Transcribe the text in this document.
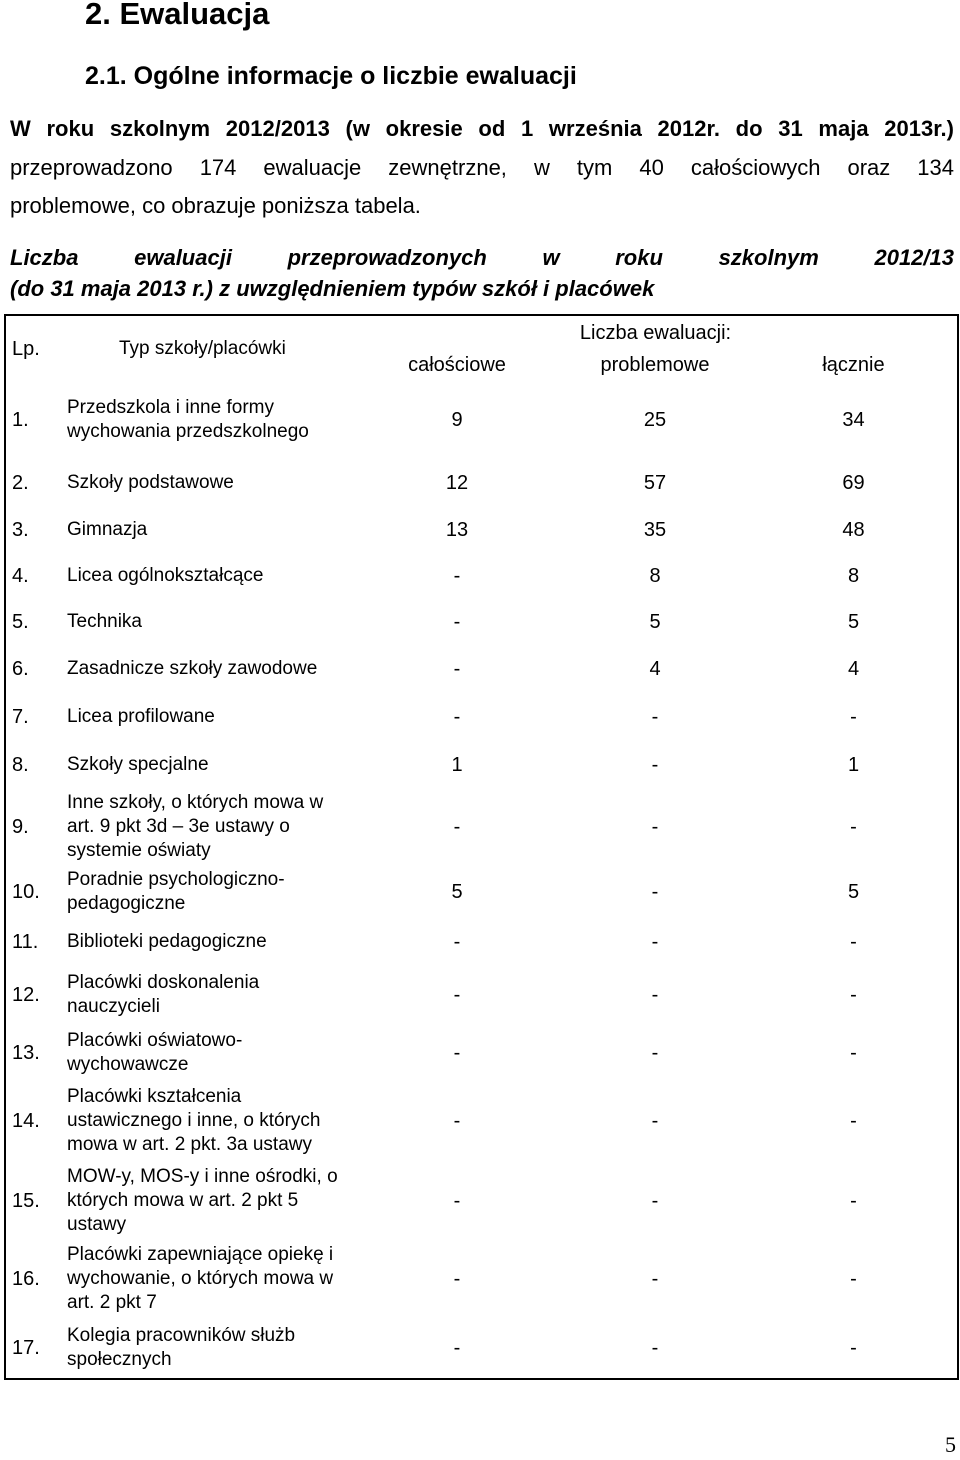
2. Ewaluacja
2.1. Ogólne informacje o liczbie ewaluacji
W roku szkolnym 2012/2013 (w okresie od 1 września 2012r. do 31 maja 2013r.)
przeprowadzono 174 ewaluacje zewnętrzne, w tym 40 całościowych oraz 134
problemowe, co obrazuje poniższa tabela.
Liczba ewaluacji przeprowadzonych w roku szkolnym 2012/13
(do 31 maja 2013 r.) z uwzględnieniem typów szkół i placówek
Lp.	Typ szkoły/placówki	Liczba ewaluacji:		
		całościowe	problemowe	łącznie
1.	Przedszkola i inne formy wychowania przedszkolnego	9	25	34
2.	Szkoły podstawowe	12	57	69
3.	Gimnazja	13	35	48
4.	Licea ogólnokształcące	-	8	8
5.	Technika	-	5	5
6.	Zasadnicze szkoły zawodowe	-	4	4
7.	Licea profilowane	-	-	-
8.	Szkoły specjalne	1	-	1
9.	Inne szkoły, o których mowa w art. 9 pkt 3d – 3e ustawy o systemie oświaty	-	-	-
10.	Poradnie psychologiczno-pedagogiczne	5	-	5
11.	Biblioteki pedagogiczne	-	-	-
12.	Placówki doskonalenia nauczycieli	-	-	-
13.	Placówki oświatowo-wychowawcze	-	-	-
14.	Placówki kształcenia ustawicznego i inne, o których mowa w art. 2 pkt. 3a ustawy	-	-	-
15.	MOW-y, MOS-y i inne ośrodki, o których mowa w art. 2 pkt 5 ustawy	-	-	-
16.	Placówki zapewniające opiekę i wychowanie, o których mowa w art. 2 pkt 7	-	-	-
17.	Kolegia pracowników służb społecznych	-	-	-
5
